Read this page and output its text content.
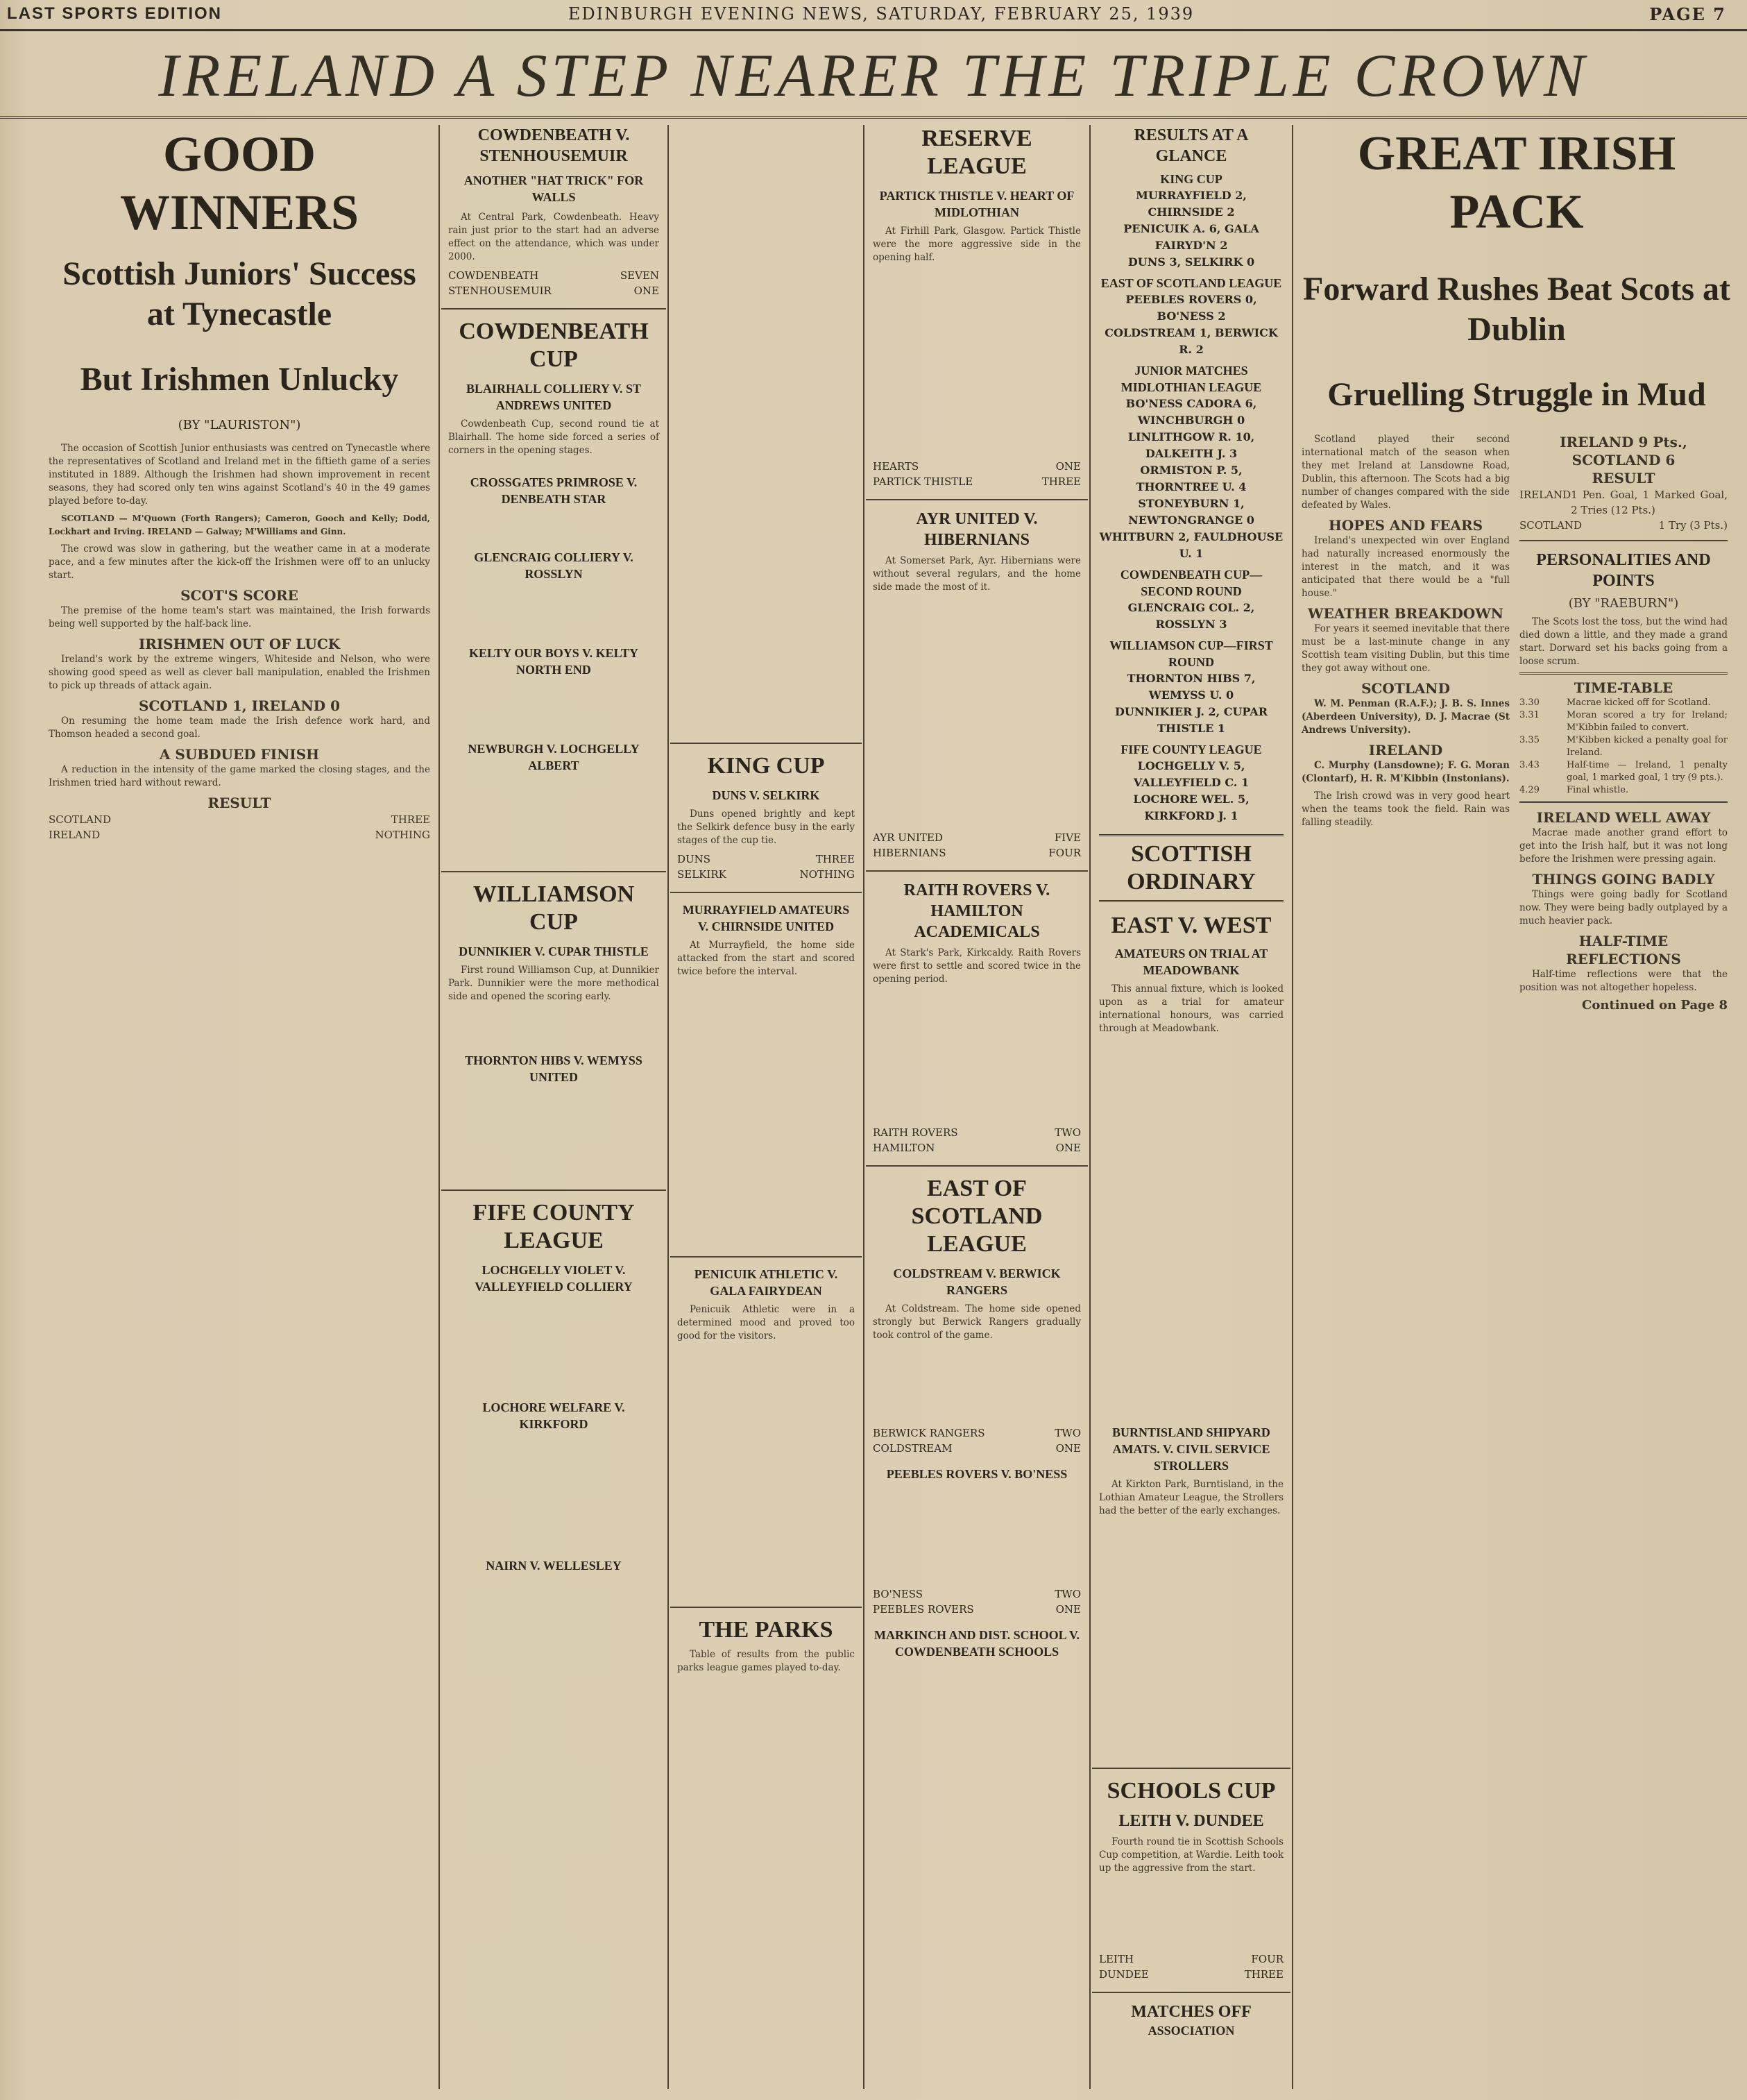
LAST SPORTS EDITION	EDINBURGH EVENING NEWS, SATURDAY, FEBRUARY 25, 1939	PAGE 7
IRELAND A STEP NEARER THE TRIPLE CROWN
GOOD WINNERS
Scottish Juniors' Success at Tynecastle
But Irishmen Unlucky
(BY "LAURISTON")

The occasion of Scottish Junior enthusiasts was centred on Tynecastle where the representatives of Scotland and Ireland met in the fiftieth game of a series instituted in 1889. Although the Irishmen had shown improvement in recent seasons, they had scored only ten wins against Scotland's 40 in the 49 games played before to-day.

SCOTLAND — M'Quown (Forth Rangers); Cameron, Gooch and Kelly; Dodd, Lockhart and Irving. IRELAND — Galway; M'Williams and Ginn.

The crowd was slow in gathering, but the weather came in at a moderate pace, and a few minutes after the kick-off the Irishmen were off to an unlucky start.

SCOT'S SCORE

The premise of the home team's start was maintained, the Irish forwards being well supported by the half-back line.

IRISHMEN OUT OF LUCK

Ireland's work by the extreme wingers, Whiteside and Nelson, who were showing good speed as well as clever ball manipulation, enabled the Irishmen to pick up threads of attack again.

SCOTLAND 1, IRELAND 0

On resuming the home team made the Irish defence work hard, and Thomson headed a second goal.

A SUBDUED FINISH

A reduction in the intensity of the game marked the closing stages, and the Irishmen tried hard without reward.

RESULT
SCOTLAND	THREE
IRELAND	NOTHING
COWDENBEATH V. STENHOUSEMUIR
ANOTHER "HAT TRICK" FOR WALLS

At Central Park, Cowdenbeath. Heavy rain just prior to the start had an adverse effect on the attendance, which was under 2000.

COWDENBEATH	SEVEN
STENHOUSEMUIR	ONE
COWDENBEATH CUP
BLAIRHALL COLLIERY V. ST ANDREWS UNITED

Cowdenbeath Cup, second round tie at Blairhall. The home side forced a series of corners in the opening stages.

CROSSGATES PRIMROSE V. DENBEATH STAR
GLENCRAIG COLLIERY V. ROSSLYN
KELTY OUR BOYS V. KELTY NORTH END
NEWBURGH V. LOCHGELLY ALBERT
WILLIAMSON CUP
DUNNIKIER V. CUPAR THISTLE

First round Williamson Cup, at Dunnikier Park. Dunnikier were the more methodical side and opened the scoring early.

THORNTON HIBS V. WEMYSS UNITED
FIFE COUNTY LEAGUE
LOCHGELLY VIOLET V. VALLEYFIELD COLLIERY
LOCHORE WELFARE V. KIRKFORD
NAIRN V. WELLESLEY
KING CUP
DUNS V. SELKIRK

Duns opened brightly and kept the Selkirk defence busy in the early stages of the cup tie.

DUNS	THREE
SELKIRK	NOTHING
MURRAYFIELD AMATEURS V. CHIRNSIDE UNITED

At Murrayfield, the home side attacked from the start and scored twice before the interval.

PENICUIK ATHLETIC V. GALA FAIRYDEAN

Penicuik Athletic were in a determined mood and proved too good for the visitors.

THE PARKS

Table of results from the public parks league games played to-day.

RESERVE LEAGUE
PARTICK THISTLE V. HEART OF MIDLOTHIAN

At Firhill Park, Glasgow. Partick Thistle were the more aggressive side in the opening half.

HEARTS	ONE
PARTICK THISTLE	THREE
AYR UNITED V. HIBERNIANS

At Somerset Park, Ayr. Hibernians were without several regulars, and the home side made the most of it.

AYR UNITED	FIVE
HIBERNIANS	FOUR
RAITH ROVERS V. HAMILTON ACADEMICALS

At Stark's Park, Kirkcaldy. Raith Rovers were first to settle and scored twice in the opening period.

RAITH ROVERS	TWO
HAMILTON	ONE
EAST OF SCOTLAND LEAGUE
COLDSTREAM V. BERWICK RANGERS

At Coldstream. The home side opened strongly but Berwick Rangers gradually took control of the game.

BERWICK RANGERS	TWO
COLDSTREAM	ONE
PEEBLES ROVERS V. BO'NESS
BO'NESS	TWO
PEEBLES ROVERS	ONE
MARKINCH AND DIST. SCHOOL V. COWDENBEATH SCHOOLS
RESULTS AT A GLANCE
KING CUP
MURRAYFIELD 2, CHIRNSIDE 2
PENICUIK A. 6, GALA FAIRYD'N 2
DUNS 3, SELKIRK 0
EAST OF SCOTLAND LEAGUE
PEEBLES ROVERS 0, BO'NESS 2
COLDSTREAM 1, BERWICK R. 2
JUNIOR MATCHES
MIDLOTHIAN LEAGUE
BO'NESS CADORA 6, WINCHBURGH 0
LINLITHGOW R. 10, DALKEITH J. 3
ORMISTON P. 5, THORNTREE U. 4
STONEYBURN 1, NEWTONGRANGE 0
WHITBURN 2, FAULDHOUSE U. 1
COWDENBEATH CUP—SECOND ROUND
GLENCRAIG COL. 2, ROSSLYN 3
WILLIAMSON CUP—FIRST ROUND
THORNTON HIBS 7, WEMYSS U. 0
DUNNIKIER J. 2, CUPAR THISTLE 1
FIFE COUNTY LEAGUE
LOCHGELLY V. 5, VALLEYFIELD C. 1
LOCHORE WEL. 5, KIRKFORD J. 1
SCOTTISH ORDINARY
EAST V. WEST
AMATEURS ON TRIAL AT MEADOWBANK

This annual fixture, which is looked upon as a trial for amateur international honours, was carried through at Meadowbank.

BURNTISLAND SHIPYARD AMATS. V. CIVIL SERVICE STROLLERS

At Kirkton Park, Burntisland, in the Lothian Amateur League, the Strollers had the better of the early exchanges.

SCHOOLS CUP
LEITH V. DUNDEE

Fourth round tie in Scottish Schools Cup competition, at Wardie. Leith took up the aggressive from the start.

LEITH	FOUR
DUNDEE	THREE
MATCHES OFF
ASSOCIATION
GREAT IRISH PACK
Forward Rushes Beat Scots at Dublin
Gruelling Struggle in Mud

Scotland played their second international match of the season when they met Ireland at Lansdowne Road, Dublin, this afternoon. The Scots had a big number of changes compared with the side defeated by Wales.

HOPES AND FEARS

Ireland's unexpected win over England had naturally increased enormously the interest in the match, and it was anticipated that there would be a "full house."

WEATHER BREAKDOWN

For years it seemed inevitable that there must be a last-minute change in any Scottish team visiting Dublin, but this time they got away without one.

SCOTLAND

W. M. Penman (R.A.F.); J. B. S. Innes (Aberdeen University), D. J. Macrae (St Andrews University).

IRELAND

C. Murphy (Lansdowne); F. G. Moran (Clontarf), H. R. M'Kibbin (Instonians).

The Irish crowd was in very good heart when the teams took the field. Rain was falling steadily.

IRELAND 9 Pts., SCOTLAND 6
RESULT
IRELAND 1 Pen. Goal, 1 Marked Goal, 2 Tries (12 Pts.)
SCOTLAND	1 Try (3 Pts.)
PERSONALITIES AND POINTS
(BY "RAEBURN")

The Scots lost the toss, but the wind had died down a little, and they made a grand start. Dorward set his backs going from a loose scrum.

TIME-TABLE
3.30	Macrae kicked off for Scotland.
3.31	Moran scored a try for Ireland; M'Kibbin failed to convert.
3.35	M'Kibben kicked a penalty goal for Ireland.
3.43	Half-time — Ireland, 1 penalty goal, 1 marked goal, 1 try (9 pts.).
4.29	Final whistle.
IRELAND WELL AWAY

Macrae made another grand effort to get into the Irish half, but it was not long before the Irishmen were pressing again.

THINGS GOING BADLY

Things were going badly for Scotland now. They were being badly outplayed by a much heavier pack.

HALF-TIME REFLECTIONS

Half-time reflections were that the position was not altogether hopeless.

Continued on Page 8
